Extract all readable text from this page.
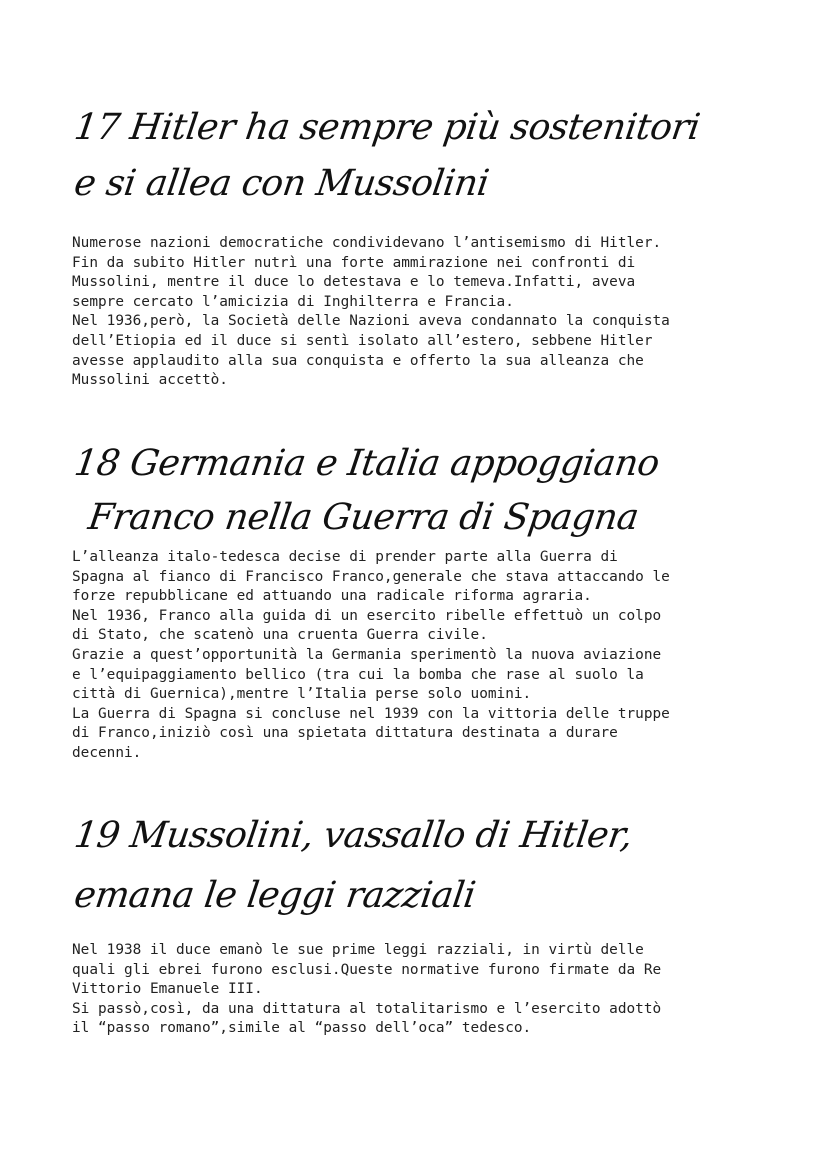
17 Hitler ha sempre più sostenitori
e si allea con Mussolini
Numerose nazioni democratiche condividevano l’antisemismo di Hitler.
Fin da subito Hitler nutrì una forte ammirazione nei confronti di
Mussolini, mentre il duce lo detestava e lo temeva.Infatti, aveva
sempre cercato l’amicizia di Inghilterra e Francia.
Nel 1936,però, la Società delle Nazioni aveva condannato la conquista
dell’Etiopia ed il duce si sentì isolato all’estero, sebbene Hitler
avesse applaudito alla sua conquista e offerto la sua alleanza che
Mussolini accettò.
18 Germania e Italia appoggiano
Franco nella Guerra di Spagna
L’alleanza italo-tedesca decise di prender parte alla Guerra di
Spagna al fianco di Francisco Franco,generale che stava attaccando le
forze repubblicane ed attuando una radicale riforma agraria.
Nel 1936, Franco alla guida di un esercito ribelle effettuò un colpo
di Stato, che scatenò una cruenta Guerra civile.
Grazie a quest’opportunità la Germania sperimentò la nuova aviazione
e l’equipaggiamento bellico (tra cui la bomba che rase al suolo la
città di Guernica),mentre l’Italia perse solo uomini.
La Guerra di Spagna si concluse nel 1939 con la vittoria delle truppe
di Franco,iniziò così una spietata dittatura destinata a durare
decenni.
19 Mussolini, vassallo di Hitler,
emana le leggi razziali
Nel 1938 il duce emanò le sue prime leggi razziali, in virtù delle
quali gli ebrei furono esclusi.Queste normative furono firmate da Re
Vittorio Emanuele III.
Si passò,così, da una dittatura al totalitarismo e l’esercito adottò
il “passo romano”,simile al “passo dell’oca” tedesco.
